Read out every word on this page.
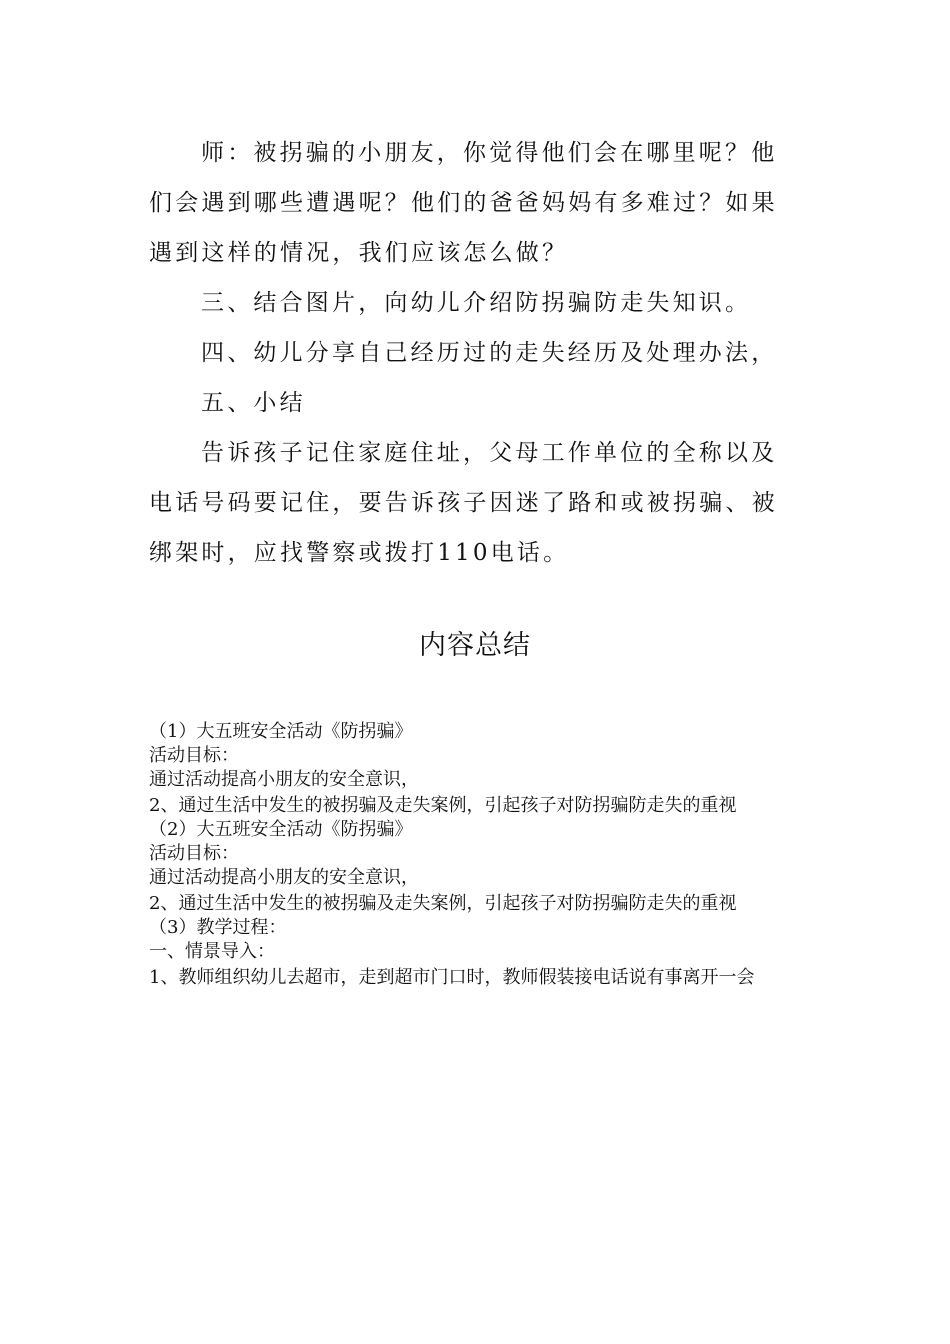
师：被拐骗的小朋友，你觉得他们会在哪里呢？他们会遇到哪些遭遇呢？他们的爸爸妈妈有多难过？如果遇到这样的情况，我们应该怎么做？

三、结合图片，向幼儿介绍防拐骗防走失知识。

四、幼儿分享自己经历过的走失经历及处理办法，

五、小结

告诉孩子记住家庭住址，父母工作单位的全称以及电话号码要记住，要告诉孩子因迷了路和或被拐骗、被绑架时，应找警察或拨打110电话。

内容总结

（1）大五班安全活动《防拐骗》

活动目标：

通过活动提高小朋友的安全意识，

2、通过生活中发生的被拐骗及走失案例，引起孩子对防拐骗防走失的重视

（2）大五班安全活动《防拐骗》

活动目标：

通过活动提高小朋友的安全意识，

2、通过生活中发生的被拐骗及走失案例，引起孩子对防拐骗防走失的重视

（3）教学过程：

一、情景导入：

1、教师组织幼儿去超市，走到超市门口时，教师假装接电话说有事离开一会
